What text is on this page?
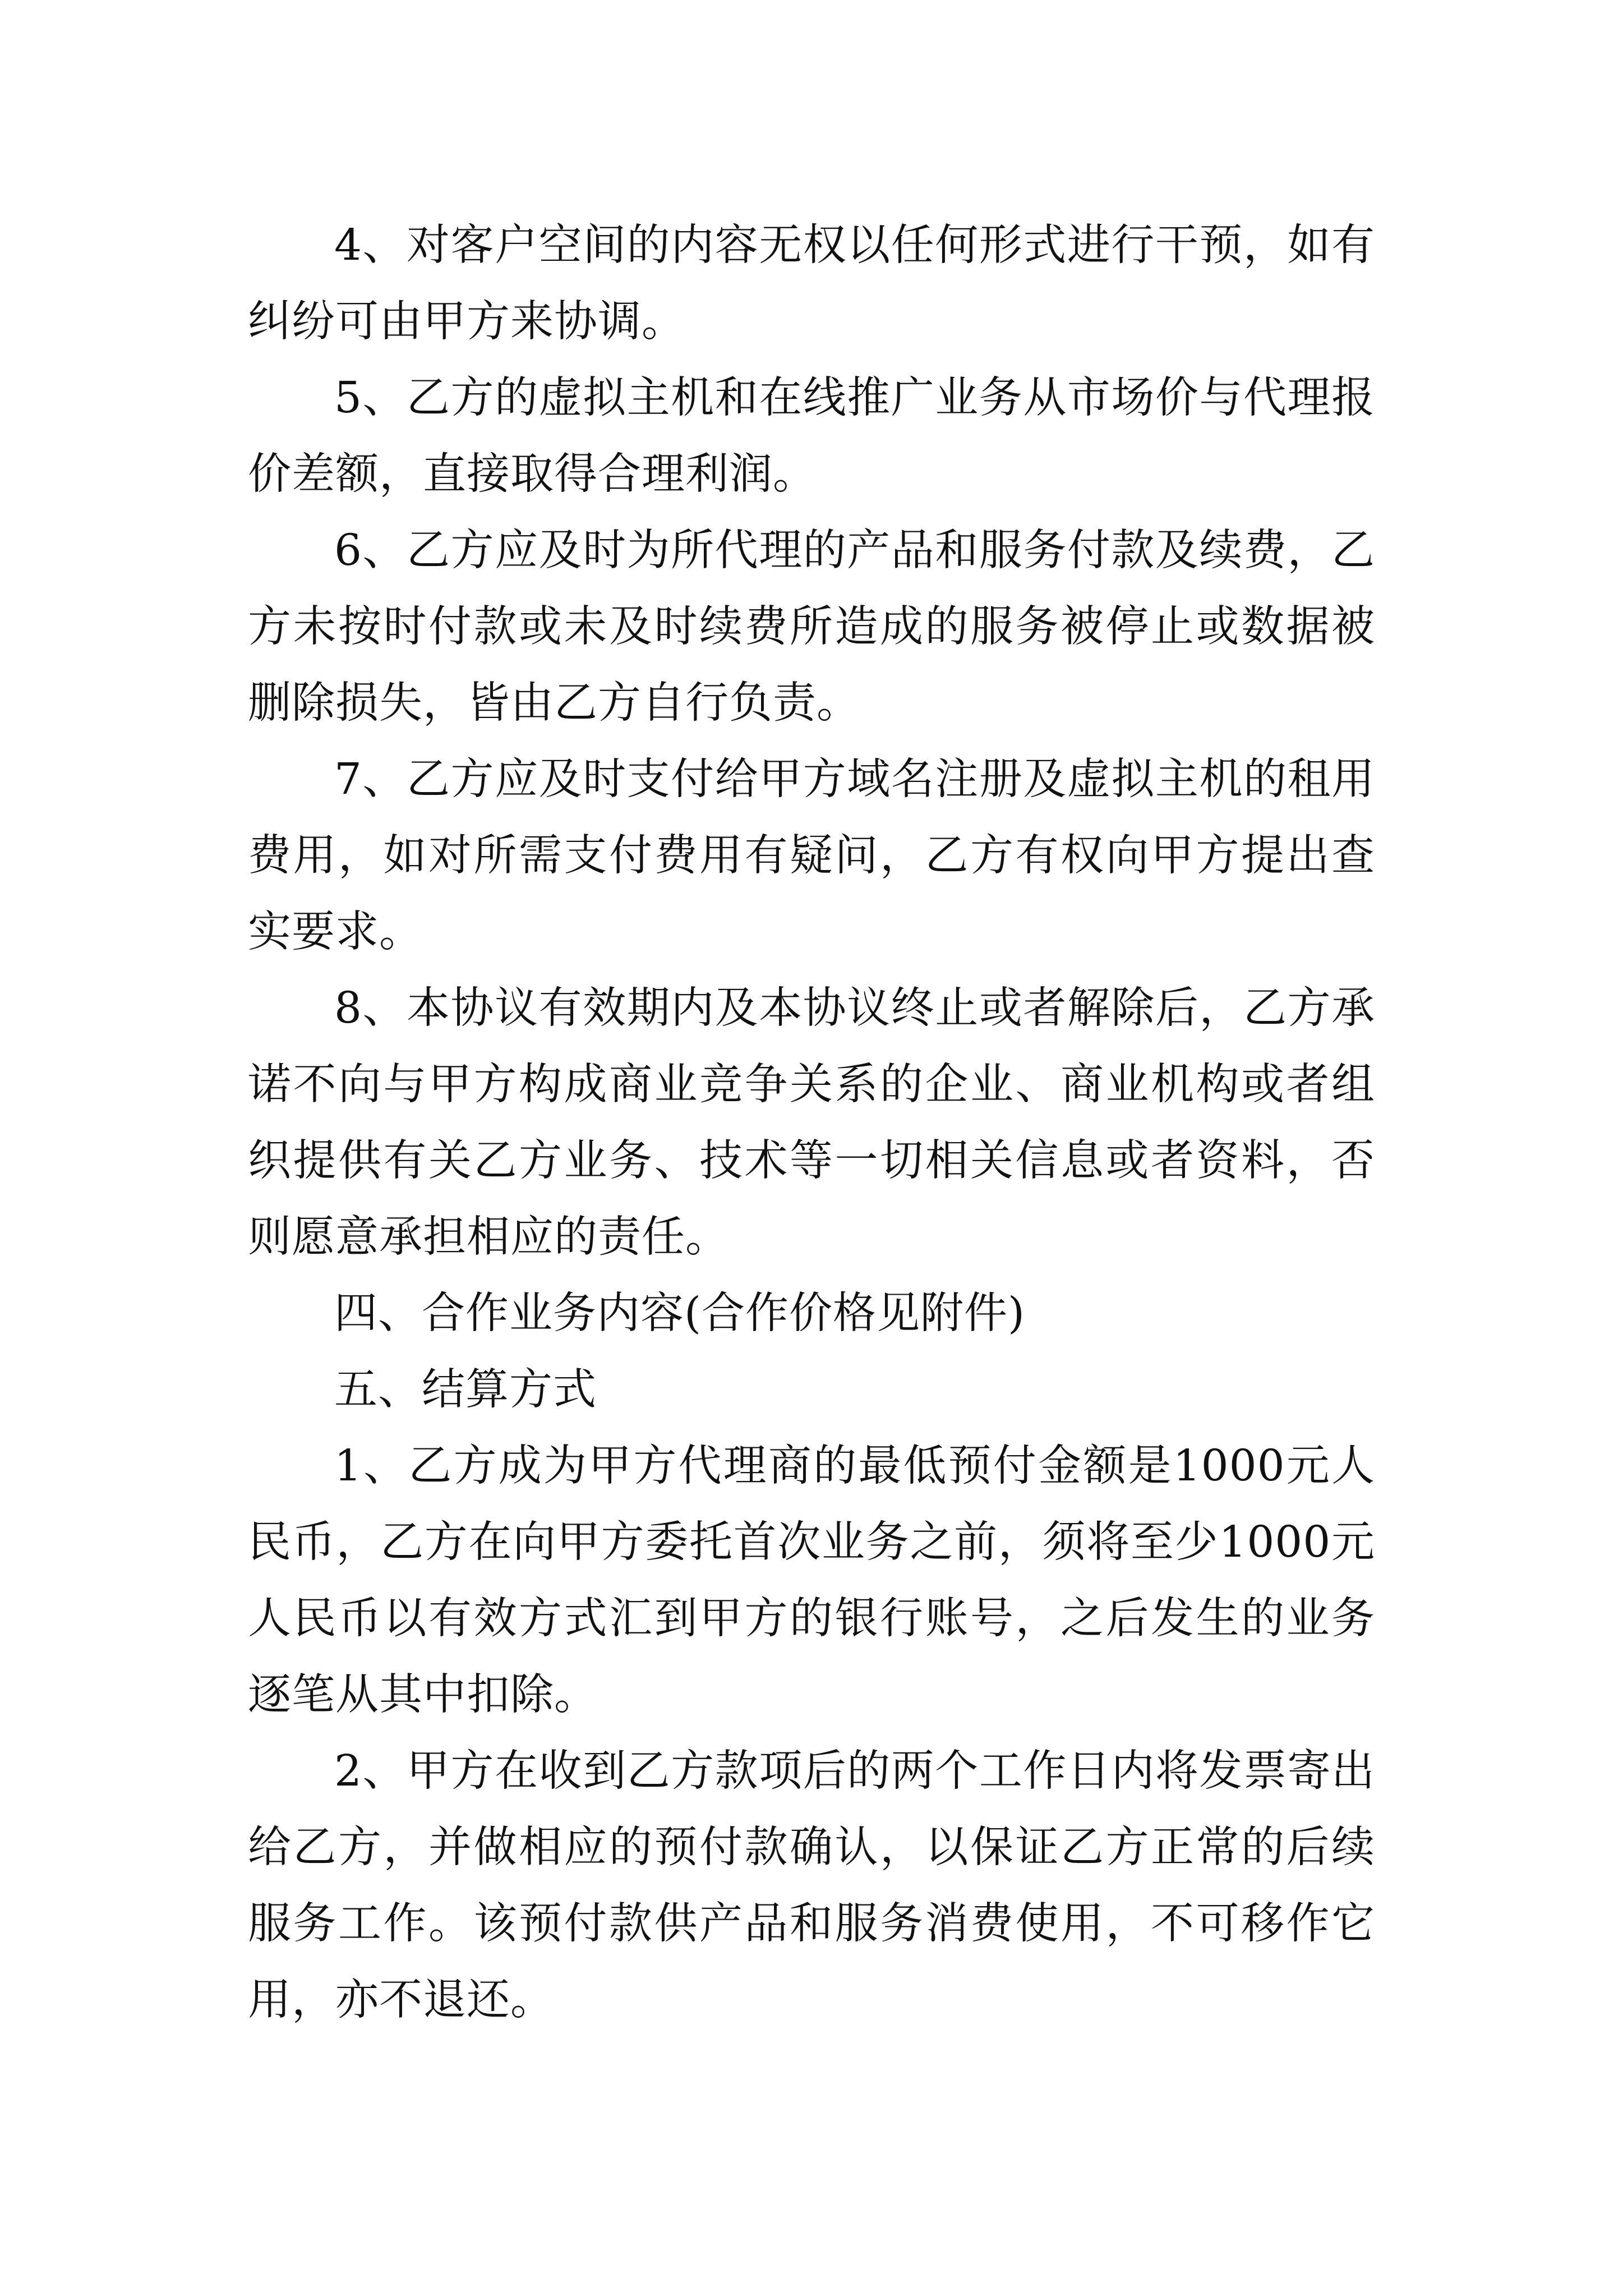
4、对客户空间的内容无权以任何形式进行干预，如有纠纷可由甲方来协调。

5、乙方的虚拟主机和在线推广业务从市场价与代理报价差额，直接取得合理利润。

6、乙方应及时为所代理的产品和服务付款及续费，乙方未按时付款或未及时续费所造成的服务被停止或数据被删除损失，皆由乙方自行负责。

7、乙方应及时支付给甲方域名注册及虚拟主机的租用费用，如对所需支付费用有疑问，乙方有权向甲方提出查实要求。

8、本协议有效期内及本协议终止或者解除后，乙方承诺不向与甲方构成商业竞争关系的企业、商业机构或者组织提供有关乙方业务、技术等一切相关信息或者资料，否则愿意承担相应的责任。

四、合作业务内容(合作价格见附件)

五、结算方式

1、乙方成为甲方代理商的最低预付金额是1000元人民币，乙方在向甲方委托首次业务之前，须将至少1000元人民币以有效方式汇到甲方的银行账号，之后发生的业务逐笔从其中扣除。

2、甲方在收到乙方款项后的两个工作日内将发票寄出给乙方，并做相应的预付款确认，以保证乙方正常的后续服务工作。该预付款供产品和服务消费使用，不可移作它用，亦不退还。
